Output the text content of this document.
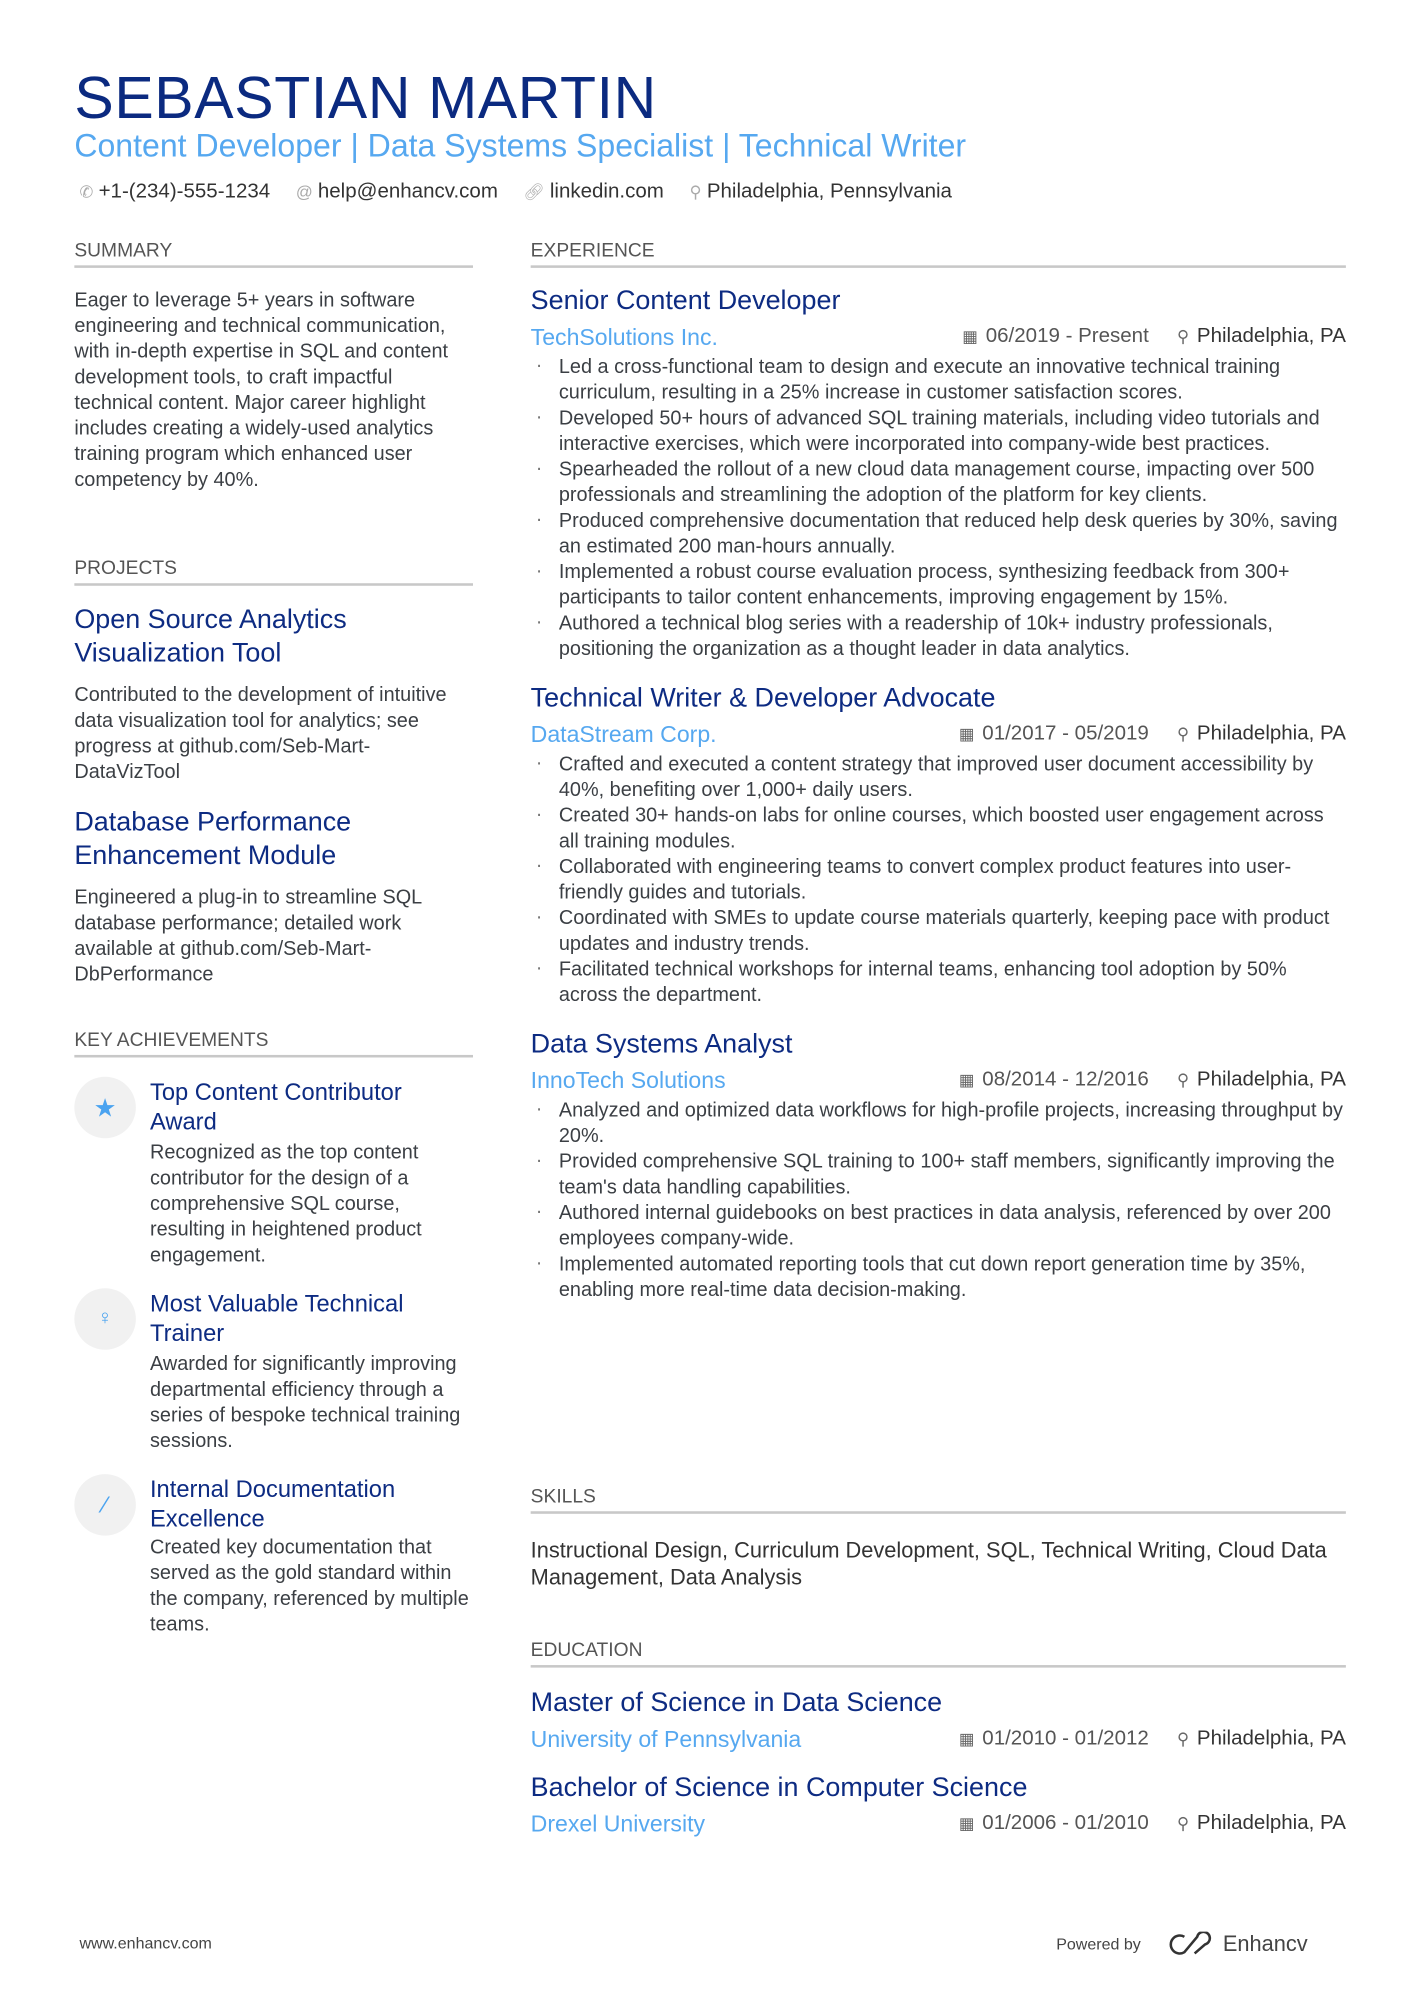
SEBASTIAN MARTIN
Content Developer | Data Systems Specialist | Technical Writer
✆ +1-(234)-555-1234 @ help@enhancv.com 🔗︎ linkedin.com ⚲ Philadelphia, Pennsylvania
SUMMARY
Eager to leverage 5+ years in software engineering and technical communication, with in-depth expertise in SQL and content development tools, to craft impactful technical content. Major career highlight includes creating a widely-used analytics training program which enhanced user competency by 40%.
PROJECTS
Open Source Analytics Visualization Tool
Contributed to the development of intuitive data visualization tool for analytics; see progress at github.com/Seb-Mart-DataVizTool
Database Performance Enhancement Module
Engineered a plug-in to streamline SQL database performance; detailed work available at github.com/Seb-Mart-DbPerformance
KEY ACHIEVEMENTS
★
Top Content Contributor Award
Recognized as the top content contributor for the design of a comprehensive SQL course, resulting in heightened product engagement.
♀
Most Valuable Technical Trainer
Awarded for significantly improving departmental efficiency through a series of bespoke technical training sessions.
⁄
Internal Documentation Excellence
Created key documentation that served as the gold standard within the company, referenced by multiple teams.
EXPERIENCE
Senior Content Developer
TechSolutions Inc.	▦ 06/2019 - Present ⚲ Philadelphia, PA
· Led a cross-functional team to design and execute an innovative technical training curriculum, resulting in a 25% increase in customer satisfaction scores.
· Developed 50+ hours of advanced SQL training materials, including video tutorials and interactive exercises, which were incorporated into company-wide best practices.
· Spearheaded the rollout of a new cloud data management course, impacting over 500 professionals and streamlining the adoption of the platform for key clients.
· Produced comprehensive documentation that reduced help desk queries by 30%, saving an estimated 200 man-hours annually.
· Implemented a robust course evaluation process, synthesizing feedback from 300+ participants to tailor content enhancements, improving engagement by 15%.
· Authored a technical blog series with a readership of 10k+ industry professionals, positioning the organization as a thought leader in data analytics.
Technical Writer & Developer Advocate
DataStream Corp.	▦ 01/2017 - 05/2019 ⚲ Philadelphia, PA
· Crafted and executed a content strategy that improved user document accessibility by 40%, benefiting over 1,000+ daily users.
· Created 30+ hands-on labs for online courses, which boosted user engagement across all training modules.
· Collaborated with engineering teams to convert complex product features into user-friendly guides and tutorials.
· Coordinated with SMEs to update course materials quarterly, keeping pace with product updates and industry trends.
· Facilitated technical workshops for internal teams, enhancing tool adoption by 50% across the department.
Data Systems Analyst
InnoTech Solutions	▦ 08/2014 - 12/2016 ⚲ Philadelphia, PA
· Analyzed and optimized data workflows for high-profile projects, increasing throughput by 20%.
· Provided comprehensive SQL training to 100+ staff members, significantly improving the team's data handling capabilities.
· Authored internal guidebooks on best practices in data analysis, referenced by over 200 employees company-wide.
· Implemented automated reporting tools that cut down report generation time by 35%, enabling more real-time data decision-making.
SKILLS
Instructional Design, Curriculum Development, SQL, Technical Writing, Cloud Data Management, Data Analysis
EDUCATION
Master of Science in Data Science
University of Pennsylvania	▦ 01/2010 - 01/2012 ⚲ Philadelphia, PA
Bachelor of Science in Computer Science
Drexel University	▦ 01/2006 - 01/2010 ⚲ Philadelphia, PA
www.enhancv.com	Powered by	Enhancv
